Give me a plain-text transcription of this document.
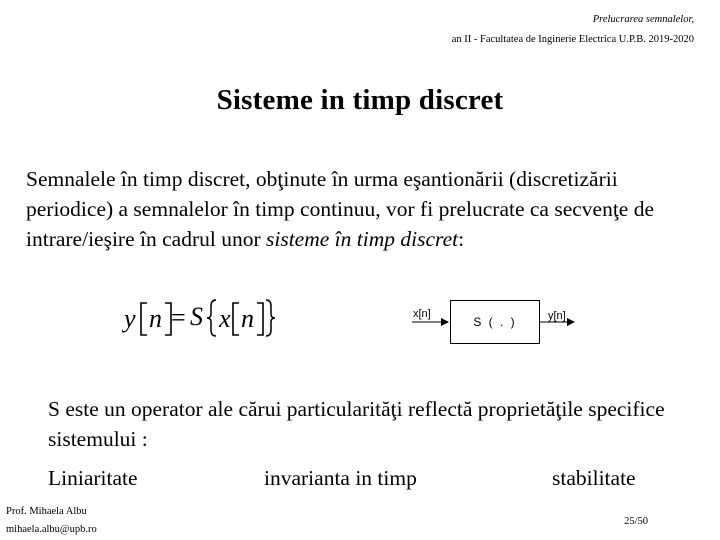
Prelucrarea semnalelor,
an II - Facultatea de Inginerie Electrica U.P.B. 2019-2020
Sisteme in timp discret
Semnalele în timp discret, obţinute în urma eşantionării (discretizării periodice) a semnalelor în timp continuu, vor fi prelucrate ca secvenţe de intrare/ieşire în cadrul unor sisteme în timp discret:
y n = S x n	x[n]
S ( . )	y[n]
S este un operator ale cărui particularităţi reflectă proprietăţile specifice sistemului :
Liniaritate	invarianta in timp	stabilitate
Prof. Mihaela Albu
mihaela.albu@upb.ro
25/50
